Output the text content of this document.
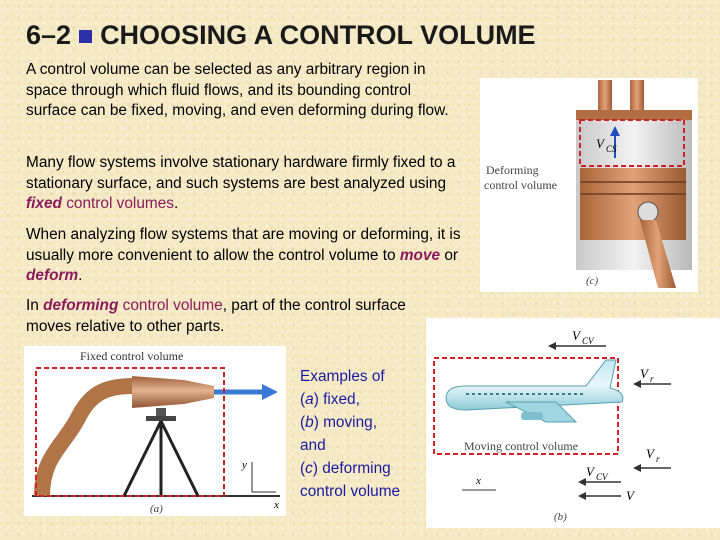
6–2 CHOOSING A CONTROL VOLUME
A control volume can be selected as any arbitrary region in space through which fluid flows, and its bounding control surface can be fixed, moving, and even deforming during flow.
Many flow systems involve stationary hardware firmly fixed to a stationary surface, and such systems are best analyzed using fixed control volumes.
When analyzing flow systems that are moving or deforming, it is usually more convenient to allow the control volume to move or deform.
In deforming control volume, part of the control surface moves relative to other parts.
V CS
Deforming
control volume
(c)
Fixed control volume
y
x
(a)
V CV
V r
V r
Moving control volume
V CV
V
x
(b)
Examples of
(a) fixed,
(b) moving,
and
(c) deforming
control volume
